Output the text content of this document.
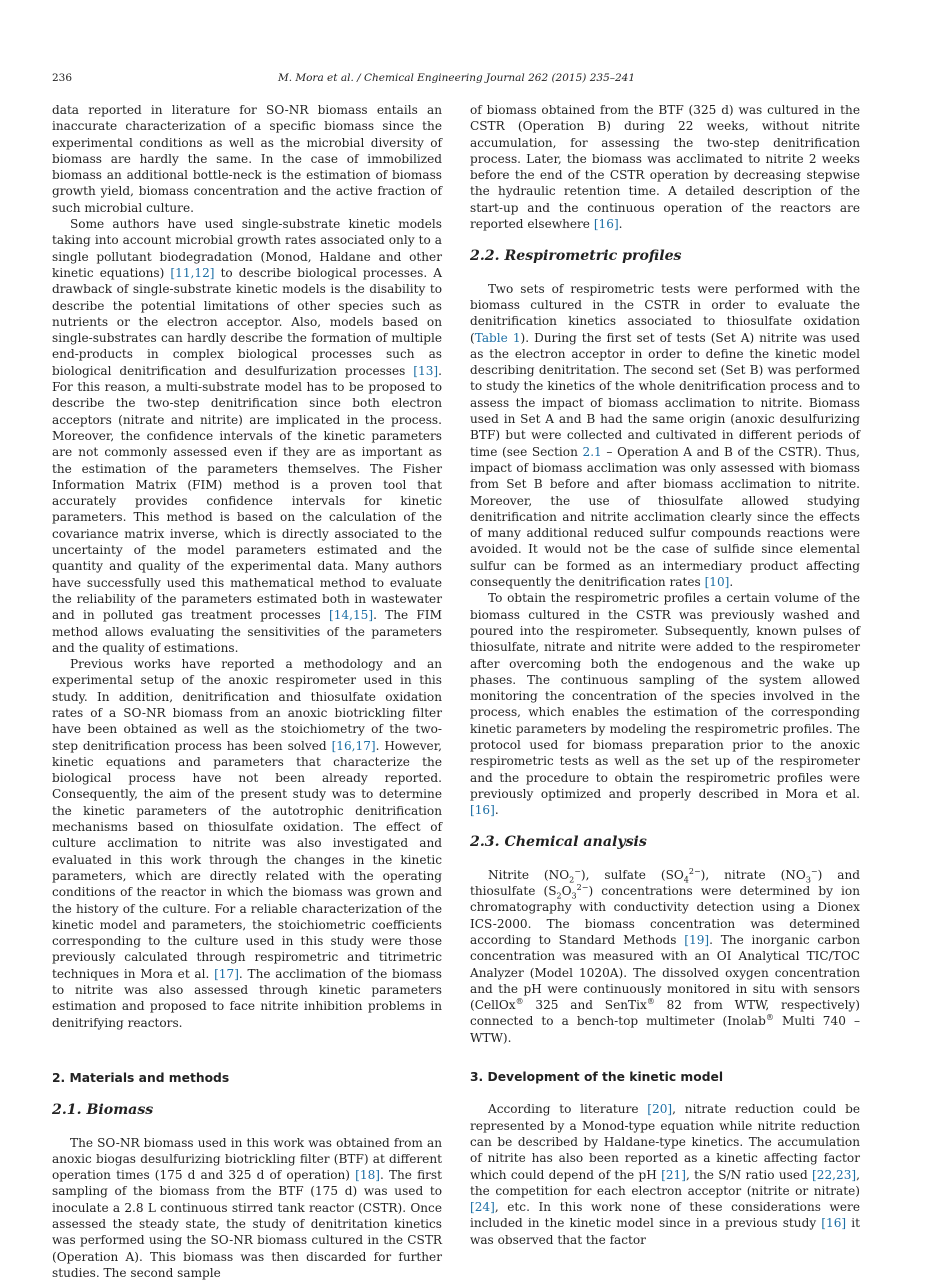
236	M. Mora et al. / Chemical Engineering Journal 262 (2015) 235–241

data reported in literature for SO-NR biomass entails an inaccurate characterization of a specific biomass since the experimental conditions as well as the microbial diversity of biomass are hardly the same. In the case of immobilized biomass an additional bottle-neck is the estimation of biomass growth yield, biomass concentration and the active fraction of such microbial culture.

Some authors have used single-substrate kinetic models taking into account microbial growth rates associated only to a single pollutant biodegradation (Monod, Haldane and other kinetic equations) [11,12] to describe biological processes. A drawback of single-substrate kinetic models is the disability to describe the potential limitations of other species such as nutrients or the electron acceptor. Also, models based on single-substrates can hardly describe the formation of multiple end-products in complex biological processes such as biological denitrification and desulfurization processes [13]. For this reason, a multi-substrate model has to be proposed to describe the two-step denitrification since both electron acceptors (nitrate and nitrite) are implicated in the process. Moreover, the confidence intervals of the kinetic parameters are not commonly assessed even if they are as important as the estimation of the parameters themselves. The Fisher Information Matrix (FIM) method is a proven tool that accurately provides confidence intervals for kinetic parameters. This method is based on the calculation of the covariance matrix inverse, which is directly associated to the uncertainty of the model parameters estimated and the quantity and quality of the experimental data. Many authors have successfully used this mathematical method to evaluate the reliability of the parameters estimated both in wastewater and in polluted gas treatment processes [14,15]. The FIM method allows evaluating the sensitivities of the parameters and the quality of estimations.

Previous works have reported a methodology and an experimental setup of the anoxic respirometer used in this study. In addition, denitrification and thiosulfate oxidation rates of a SO-NR biomass from an anoxic biotrickling filter have been obtained as well as the stoichiometry of the two-step denitrification process has been solved [16,17]. However, kinetic equations and parameters that characterize the biological process have not been already reported. Consequently, the aim of the present study was to determine the kinetic parameters of the autotrophic denitrification mechanisms based on thiosulfate oxidation. The effect of culture acclimation to nitrite was also investigated and evaluated in this work through the changes in the kinetic parameters, which are directly related with the operating conditions of the reactor in which the biomass was grown and the history of the culture. For a reliable characterization of the kinetic model and parameters, the stoichiometric coefficients corresponding to the culture used in this study were those previously calculated through respirometric and titrimetric techniques in Mora et al. [17]. The acclimation of the biomass to nitrite was also assessed through kinetic parameters estimation and proposed to face nitrite inhibition problems in denitrifying reactors.

2. Materials and methods
2.1. Biomass

The SO-NR biomass used in this work was obtained from an anoxic biogas desulfurizing biotrickling filter (BTF) at different operation times (175 d and 325 d of operation) [18]. The first sampling of the biomass from the BTF (175 d) was used to inoculate a 2.8 L continuous stirred tank reactor (CSTR). Once assessed the steady state, the study of denitritation kinetics was performed using the SO-NR biomass cultured in the CSTR (Operation A). This biomass was then discarded for further studies. The second sample

of biomass obtained from the BTF (325 d) was cultured in the CSTR (Operation B) during 22 weeks, without nitrite accumulation, for assessing the two-step denitrification process. Later, the biomass was acclimated to nitrite 2 weeks before the end of the CSTR operation by decreasing stepwise the hydraulic retention time. A detailed description of the start-up and the continuous operation of the reactors are reported elsewhere [16].

2.2. Respirometric profiles

Two sets of respirometric tests were performed with the biomass cultured in the CSTR in order to evaluate the denitrification kinetics associated to thiosulfate oxidation (Table 1). During the first set of tests (Set A) nitrite was used as the electron acceptor in order to define the kinetic model describing denitritation. The second set (Set B) was performed to study the kinetics of the whole denitrification process and to assess the impact of biomass acclimation to nitrite. Biomass used in Set A and B had the same origin (anoxic desulfurizing BTF) but were collected and cultivated in different periods of time (see Section 2.1 – Operation A and B of the CSTR). Thus, impact of biomass acclimation was only assessed with biomass from Set B before and after biomass acclimation to nitrite. Moreover, the use of thiosulfate allowed studying denitrification and nitrite acclimation clearly since the effects of many additional reduced sulfur compounds reactions were avoided. It would not be the case of sulfide since elemental sulfur can be formed as an intermediary product affecting consequently the denitrification rates [10].

To obtain the respirometric profiles a certain volume of the biomass cultured in the CSTR was previously washed and poured into the respirometer. Subsequently, known pulses of thiosulfate, nitrate and nitrite were added to the respirometer after overcoming both the endogenous and the wake up phases. The continuous sampling of the system allowed monitoring the concentration of the species involved in the process, which enables the estimation of the corresponding kinetic parameters by modeling the respirometric profiles. The protocol used for biomass preparation prior to the anoxic respirometric tests as well as the set up of the respirometer and the procedure to obtain the respirometric profiles were previously optimized and properly described in Mora et al. [16].

2.3. Chemical analysis

Nitrite $(NO_2^-)$, sulfate $(SO_4^{2-})$, nitrate $(NO_3^-)$ and thiosulfate $(S_2O_3^{2-})$ concentrations were determined by ion chromatography with conductivity detection using a Dionex ICS-2000. The biomass concentration was determined according to Standard Methods [19]. The inorganic carbon concentration was measured with an OI Analytical TIC/TOC Analyzer (Model 1020A). The dissolved oxygen concentration and the pH were continuously monitored in situ with sensors (CellOx® 325 and SenTix® 82 from WTW, respectively) connected to a bench-top multimeter (Inolab® Multi 740 – WTW).

3. Development of the kinetic model

According to literature [20], nitrate reduction could be represented by a Monod-type equation while nitrite reduction can be described by Haldane-type kinetics. The accumulation of nitrite has also been reported as a kinetic affecting factor which could depend of the pH [21], the S/N ratio used [22,23], the competition for each electron acceptor (nitrite or nitrate) [24], etc. In this work none of these considerations were included in the kinetic model since in a previous study [16] it was observed that the factor
